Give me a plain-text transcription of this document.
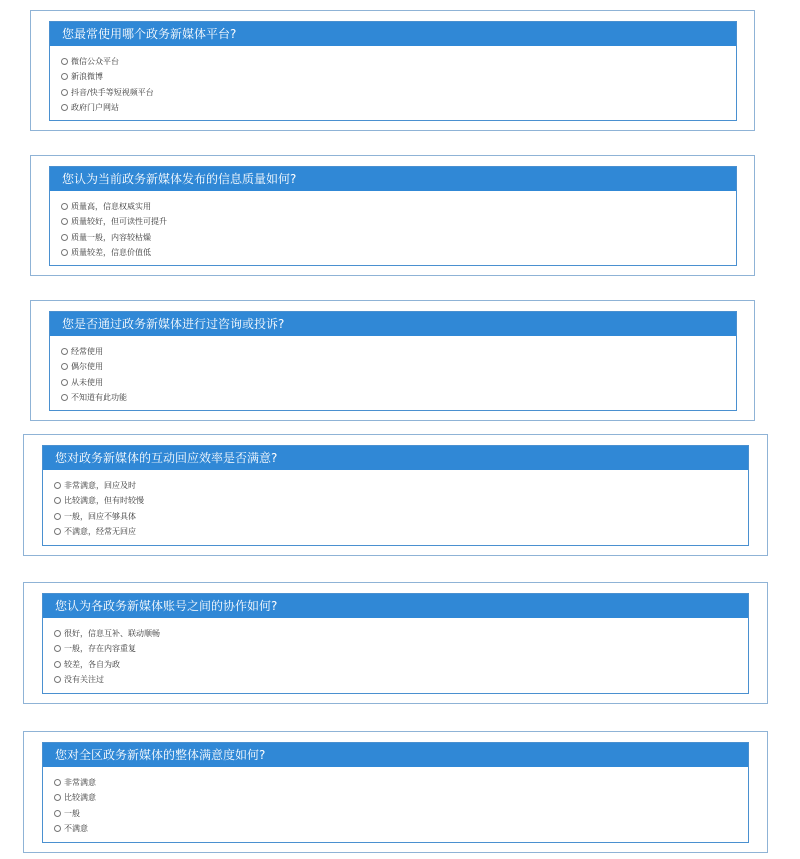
您最常使用哪个政务新媒体平台?
微信公众平台
新浪微博
抖音/快手等短视频平台
政府门户网站
您认为当前政务新媒体发布的信息质量如何?
质量高，信息权威实用
质量较好，但可读性可提升
质量一般，内容较枯燥
质量较差，信息价值低
您是否通过政务新媒体进行过咨询或投诉?
经常使用
偶尔使用
从未使用
不知道有此功能
您对政务新媒体的互动回应效率是否满意?
非常满意，回应及时
比较满意，但有时较慢
一般，回应不够具体
不满意，经常无回应
您认为各政务新媒体账号之间的协作如何?
很好，信息互补、联动顺畅
一般，存在内容重复
较差，各自为政
没有关注过
您对全区政务新媒体的整体满意度如何?
非常满意
比较满意
一般
不满意
